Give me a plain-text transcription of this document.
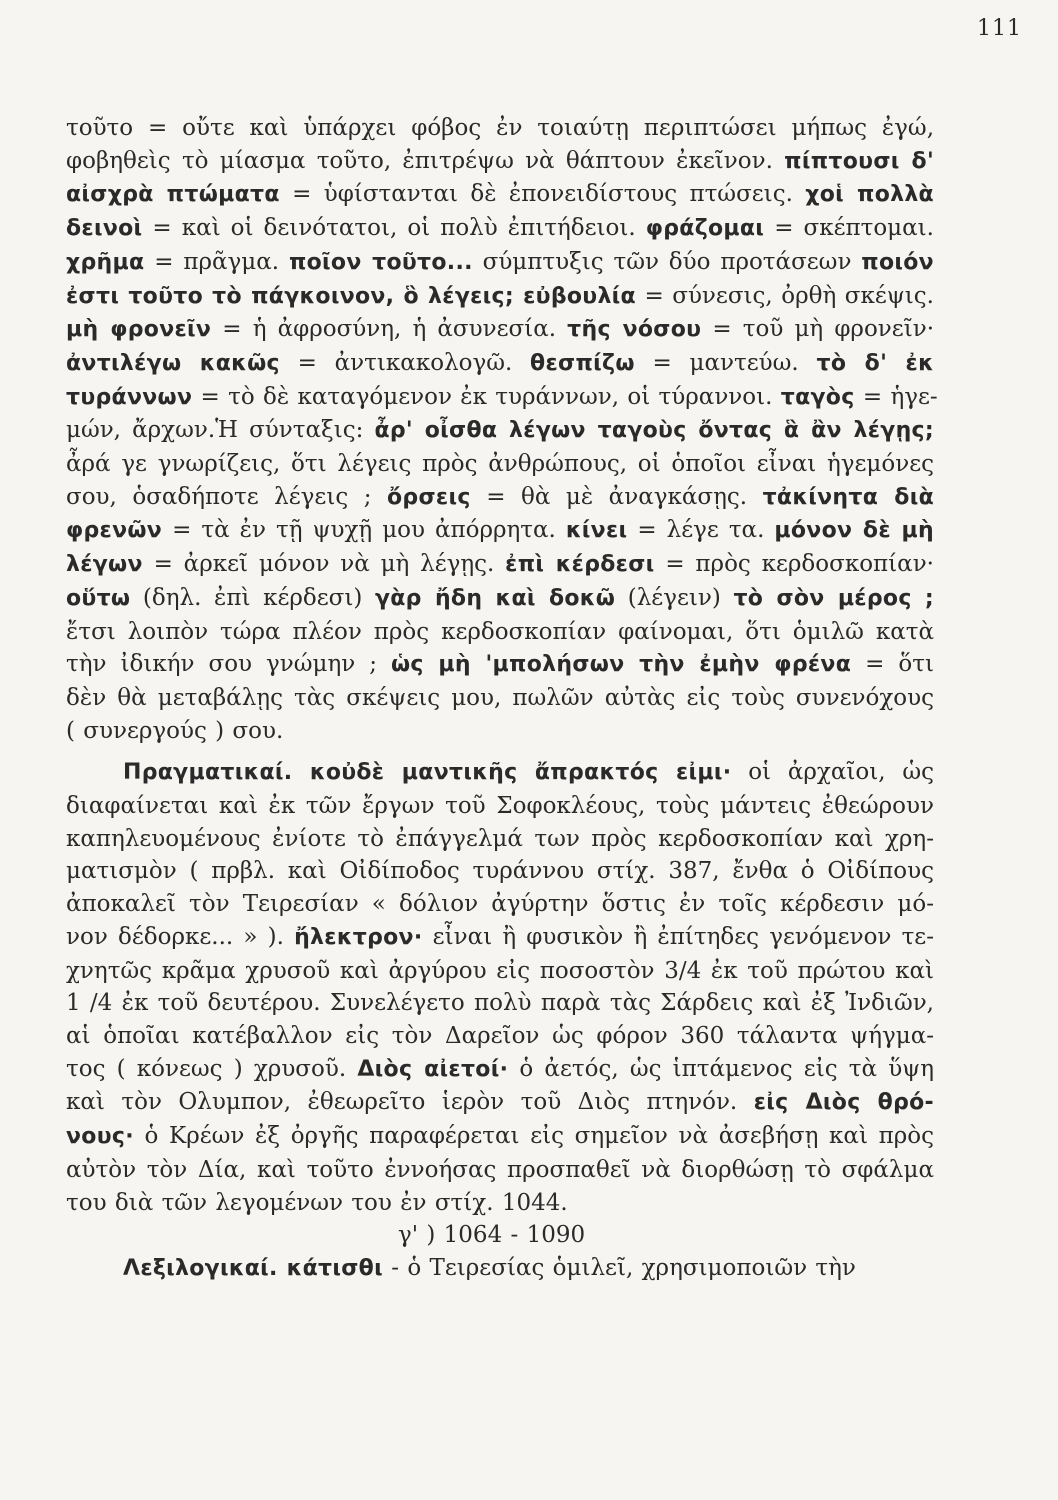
111
τοῦτο = οὔτε καὶ ὑπάρχει φόβος ἐν τοιαύτῃ περιπτώσει μήπως ἐγώ,
φοβηθεὶς τὸ μίασμα τοῦτο, ἐπιτρέψω νὰ θάπτουν ἐκεῖνον. πίπτουσι δ'
αἰσχρὰ πτώματα = ὑφίστανται δὲ ἐπονειδίστους πτώσεις. χοἱ πολλὰ
δεινοὶ = καὶ οἱ δεινότατοι, οἱ πολὺ ἐπιτήδειοι. φράζομαι = σκέπτομαι.
χρῆμα = πρᾶγμα. ποῖον τοῦτο... σύμπτυξις τῶν δύο προτάσεων ποιόν
ἐστι τοῦτο τὸ πάγκοινον, ὃ λέγεις; εὐβουλία = σύνεσις, ὀρθὴ σκέψις.
μὴ φρονεῖν = ἡ ἀφροσύνη, ἡ ἀσυνεσία. τῆς νόσου = τοῦ μὴ φρονεῖν·
ἀντιλέγω κακῶς = ἀντικακολογῶ. θεσπίζω = μαντεύω. τὸ δ' ἐκ
τυράννων = τὸ δὲ καταγόμενον ἐκ τυράννων, οἱ τύραννοι. ταγὸς = ἡγε-
μών, ἄρχων.Ἡ σύνταξις: ἆρ' οἶσθα λέγων ταγοὺς ὄντας ἃ ἂν λέγῃς;
ἆρά γε γνωρίζεις, ὅτι λέγεις πρὸς ἀνθρώπους, οἱ ὁποῖοι εἶναι ἡγεμόνες
σου, ὁσαδήποτε λέγεις ; ὄρσεις = θὰ μὲ ἀναγκάσῃς. τἀκίνητα διὰ
φρενῶν = τὰ ἐν τῇ ψυχῇ μου ἀπόρρητα. κίνει = λέγε τα. μόνον δὲ μὴ
λέγων = ἀρκεῖ μόνον νὰ μὴ λέγῃς. ἐπὶ κέρδεσι = πρὸς κερδοσκοπίαν·
οὕτω (δηλ. ἐπὶ κέρδεσι) γὰρ ἤδη καὶ δοκῶ (λέγειν) τὸ σὸν μέρος ;
ἔτσι λοιπὸν τώρα πλέον πρὸς κερδοσκοπίαν φαίνομαι, ὅτι ὁμιλῶ κατὰ
τὴν ἰδικήν σου γνώμην ; ὡς μὴ 'μπολήσων τὴν ἐμὴν φρένα = ὅτι
δὲν θὰ μεταβάλῃς τὰς σκέψεις μου, πωλῶν αὐτὰς εἰς τοὺς συνενόχους
( συνεργούς ) σου.
Πραγματικαί. κοὐδὲ μαντικῆς ἄπρακτός εἰμι· οἱ ἀρχαῖοι, ὡς
διαφαίνεται καὶ ἐκ τῶν ἔργων τοῦ Σοφοκλέους, τοὺς μάντεις ἐθεώρουν
καπηλευομένους ἐνίοτε τὸ ἐπάγγελμά των πρὸς κερδοσκοπίαν καὶ χρη-
ματισμὸν ( πρβλ. καὶ Οἰδίποδος τυράννου στίχ. 387, ἔνθα ὁ Οἰδίπους
ἀποκαλεῖ τὸν Τειρεσίαν « δόλιον ἀγύρτην ὅστις ἐν τοῖς κέρδεσιν μό-
νον δέδορκε... » ). ἤλεκτρον· εἶναι ἢ φυσικὸν ἢ ἐπίτηδες γενόμενον τε-
χνητῶς κρᾶμα χρυσοῦ καὶ ἀργύρου εἰς ποσοστὸν 3/4 ἐκ τοῦ πρώτου καὶ
1 /4 ἐκ τοῦ δευτέρου. Συνελέγετο πολὺ παρὰ τὰς Σάρδεις καὶ ἐξ Ἰνδιῶν,
αἱ ὁποῖαι κατέβαλλον εἰς τὸν Δαρεῖον ὡς φόρον 360 τάλαντα ψήγμα-
τος ( κόνεως ) χρυσοῦ. Διὸς αἰετοί· ὁ ἀετός, ὡς ἱπτάμενος εἰς τὰ ὕψη
καὶ τὸν Ολυμπον, ἐθεωρεῖτο ἱερὸν τοῦ Διὸς πτηνόν. εἰς Διὸς θρό-
νους· ὁ Κρέων ἐξ ὀργῆς παραφέρεται εἰς σημεῖον νὰ ἀσεβήσῃ καὶ πρὸς
αὐτὸν τὸν Δία, καὶ τοῦτο ἐννοήσας προσπαθεῖ νὰ διορθώσῃ τὸ σφάλμα
του διὰ τῶν λεγομένων του ἐν στίχ. 1044.
γ' ) 1064 - 1090
Λεξιλογικαί. κάτισθι - ὁ Τειρεσίας ὁμιλεῖ, χρησιμοποιῶν τὴν
